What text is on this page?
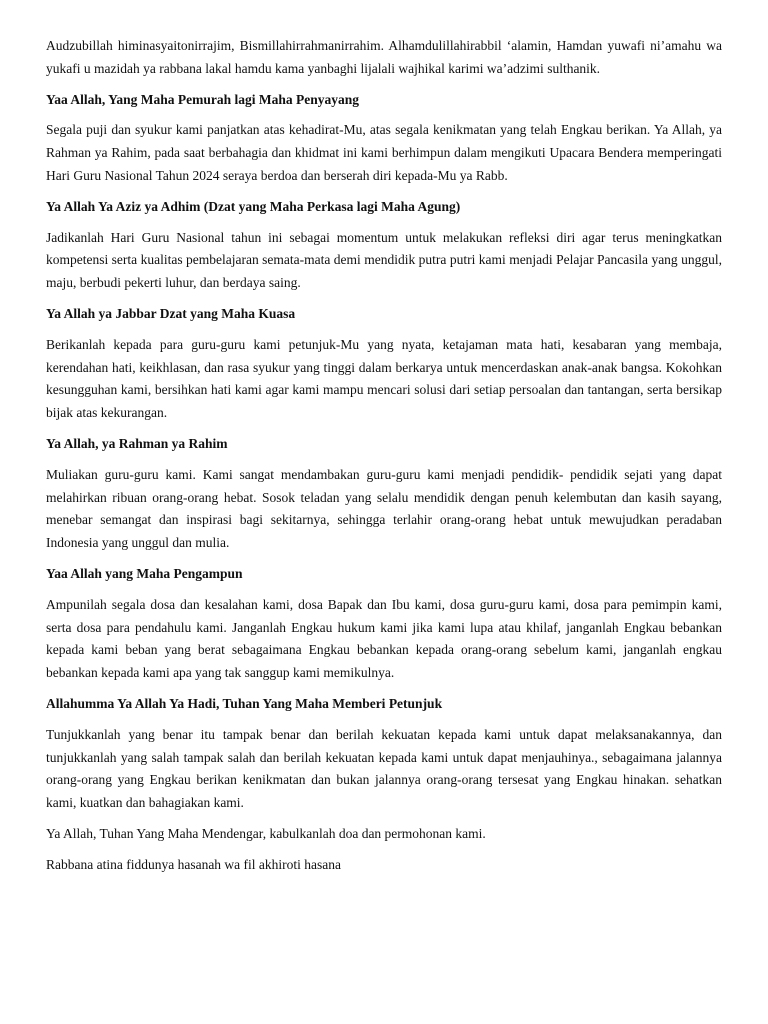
Audzubillah himinasyaitonirrajim, Bismillahirrahmanirrahim. Alhamdulillahirabbil ‘alamin, Hamdan yuwafi ni’amahu wa yukafi u mazidah ya rabbana lakal hamdu kama yanbaghi lijalali wajhikal karimi wa’adzimi sulthanik.

Yaa Allah, Yang Maha Pemurah lagi Maha Penyayang

Segala puji dan syukur kami panjatkan atas kehadirat-Mu, atas segala kenikmatan yang telah Engkau berikan. Ya Allah, ya Rahman ya Rahim, pada saat berbahagia dan khidmat ini kami berhimpun dalam mengikuti Upacara Bendera memperingati Hari Guru Nasional Tahun 2024 seraya berdoa dan berserah diri kepada-Mu ya Rabb.

Ya Allah Ya Aziz ya Adhim (Dzat yang Maha Perkasa lagi Maha Agung)

Jadikanlah Hari Guru Nasional tahun ini sebagai momentum untuk melakukan refleksi diri agar terus meningkatkan kompetensi serta kualitas pembelajaran semata-mata demi mendidik putra putri kami menjadi Pelajar Pancasila yang unggul, maju, berbudi pekerti luhur, dan berdaya saing.

Ya Allah ya Jabbar Dzat yang Maha Kuasa

Berikanlah kepada para guru-guru kami petunjuk-Mu yang nyata, ketajaman mata hati, kesabaran yang membaja, kerendahan hati, keikhlasan, dan rasa syukur yang tinggi dalam berkarya untuk mencerdaskan anak-anak bangsa. Kokohkan kesungguhan kami, bersihkan hati kami agar kami mampu mencari solusi dari setiap persoalan dan tantangan, serta bersikap bijak atas kekurangan.

Ya Allah, ya Rahman ya Rahim

Muliakan guru-guru kami. Kami sangat mendambakan guru-guru kami menjadi pendidik- pendidik sejati yang dapat melahirkan ribuan orang-orang hebat. Sosok teladan yang selalu mendidik dengan penuh kelembutan dan kasih sayang, menebar semangat dan inspirasi bagi sekitarnya, sehingga terlahir orang-orang hebat untuk mewujudkan peradaban Indonesia yang unggul dan mulia.

Yaa Allah yang Maha Pengampun

Ampunilah segala dosa dan kesalahan kami, dosa Bapak dan Ibu kami, dosa guru-guru kami, dosa para pemimpin kami, serta dosa para pendahulu kami. Janganlah Engkau hukum kami jika kami lupa atau khilaf, janganlah Engkau bebankan kepada kami beban yang berat sebagaimana Engkau bebankan kepada orang-orang sebelum kami, janganlah engkau bebankan kepada kami apa yang tak sanggup kami memikulnya.

Allahumma Ya Allah Ya Hadi, Tuhan Yang Maha Memberi Petunjuk

Tunjukkanlah yang benar itu tampak benar dan berilah kekuatan kepada kami untuk dapat melaksanakannya, dan tunjukkanlah yang salah tampak salah dan berilah kekuatan kepada kami untuk dapat menjauhinya., sebagaimana jalannya orang-orang yang Engkau berikan kenikmatan dan bukan jalannya orang-orang tersesat yang Engkau hinakan. sehatkan kami, kuatkan dan bahagiakan kami.

Ya Allah, Tuhan Yang Maha Mendengar, kabulkanlah doa dan permohonan kami.

Rabbana atina fiddunya hasanah wa fil akhiroti hasana
